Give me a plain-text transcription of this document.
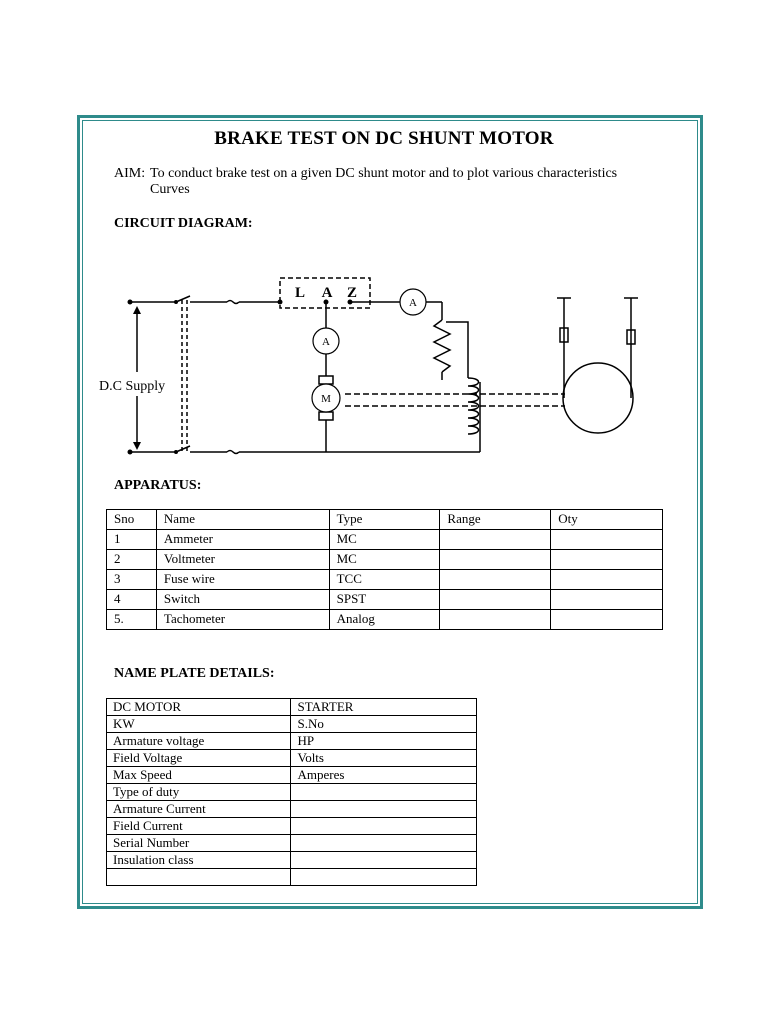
BRAKE TEST ON DC SHUNT MOTOR
AIM: To conduct brake test on a given DC shunt motor and to plot various characteristics
Curves
CIRCUIT DIAGRAM:
A
A
M
L A Z
D.C Supply
APPARATUS:
Sno	Name	Type	Range	Oty
1	Ammeter	MC		
2	Voltmeter	MC		
3	Fuse wire	TCC		
4	Switch	SPST		
5.	Tachometer	Analog		
NAME PLATE DETAILS:
DC MOTOR	STARTER
KW	S.No
Armature voltage	HP
Field Voltage	Volts
Max Speed	Amperes
Type of duty	
Armature Current	
Field Current	
Serial Number	
Insulation class	
